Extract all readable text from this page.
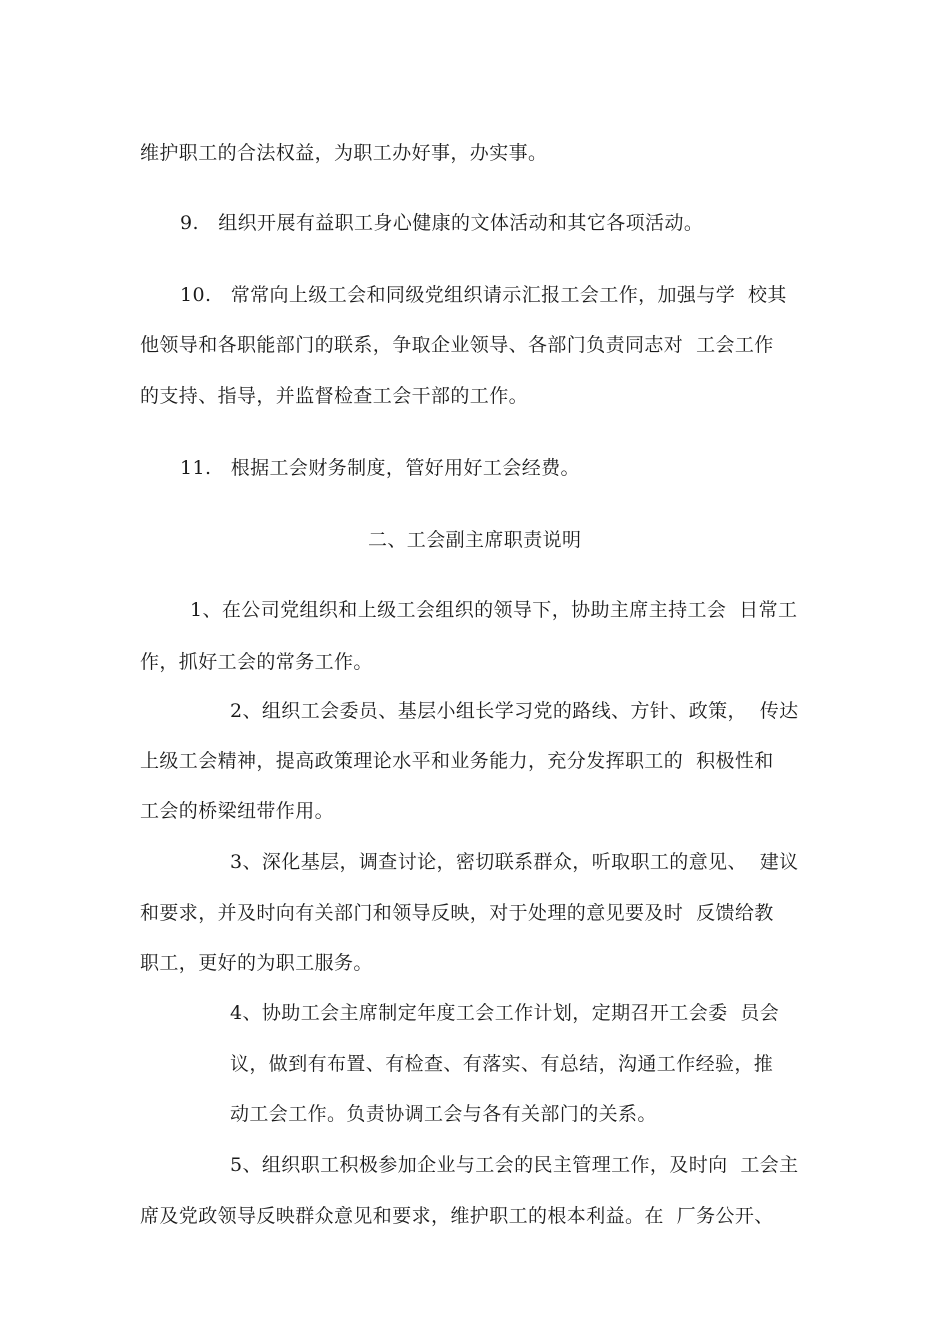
维护职工的合法权益，为职工办好事，办实事。
9.   组织开展有益职工身心健康的文体活动和其它各项活动。
10.   常常向上级工会和同级党组织请示汇报工会工作，加强与学  校其
他领导和各职能部门的联系，争取企业领导、各部门负责同志对  工会工作
的支持、指导，并监督检查工会干部的工作。
11.   根据工会财务制度，管好用好工会经费。
二、工会副主席职责说明
1、在公司党组织和上级工会组织的领导下，协助主席主持工会  日常工
作，抓好工会的常务工作。
2、组织工会委员、基层小组长学习党的路线、方针、政策，  传达
上级工会精神，提高政策理论水平和业务能力，充分发挥职工的  积极性和
工会的桥梁纽带作用。
3、深化基层，调查讨论，密切联系群众，听取职工的意见、  建议
和要求，并及时向有关部门和领导反映，对于处理的意见要及时  反馈给教
职工，更好的为职工服务。
4、协助工会主席制定年度工会工作计划，定期召开工会委  员会
议，做到有布置、有检查、有落实、有总结，沟通工作经验，推
动工会工作。负责协调工会与各有关部门的关系。
5、组织职工积极参加企业与工会的民主管理工作，及时向  工会主
席及党政领导反映群众意见和要求，维护职工的根本利益。在  厂务公开、
